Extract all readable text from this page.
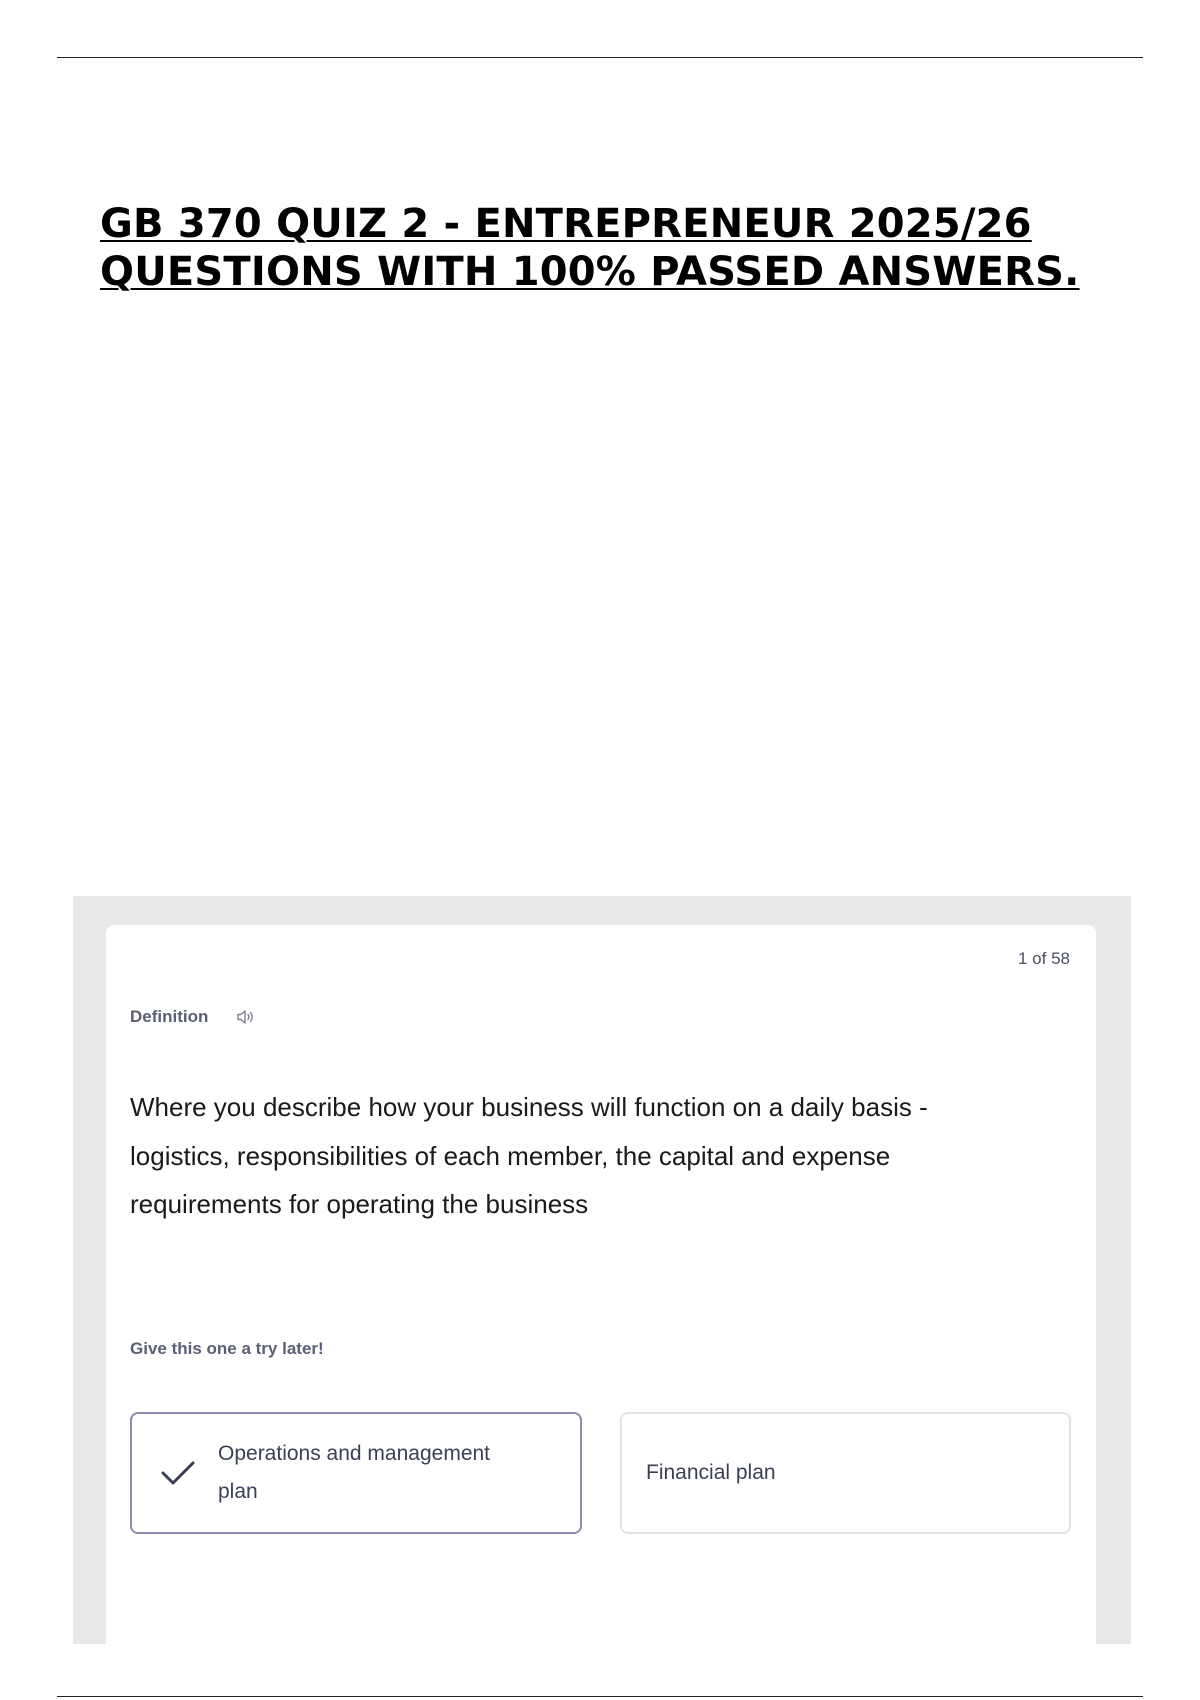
GB 370 QUIZ 2 - ENTREPRENEUR 2025/26
QUESTIONS WITH 100% PASSED ANSWERS.
1 of 58
Definition
Where you describe how your business will function on a daily basis - logistics, responsibilities of each member, the capital and expense requirements for operating the business
Give this one a try later!
Operations and management plan
Financial plan
